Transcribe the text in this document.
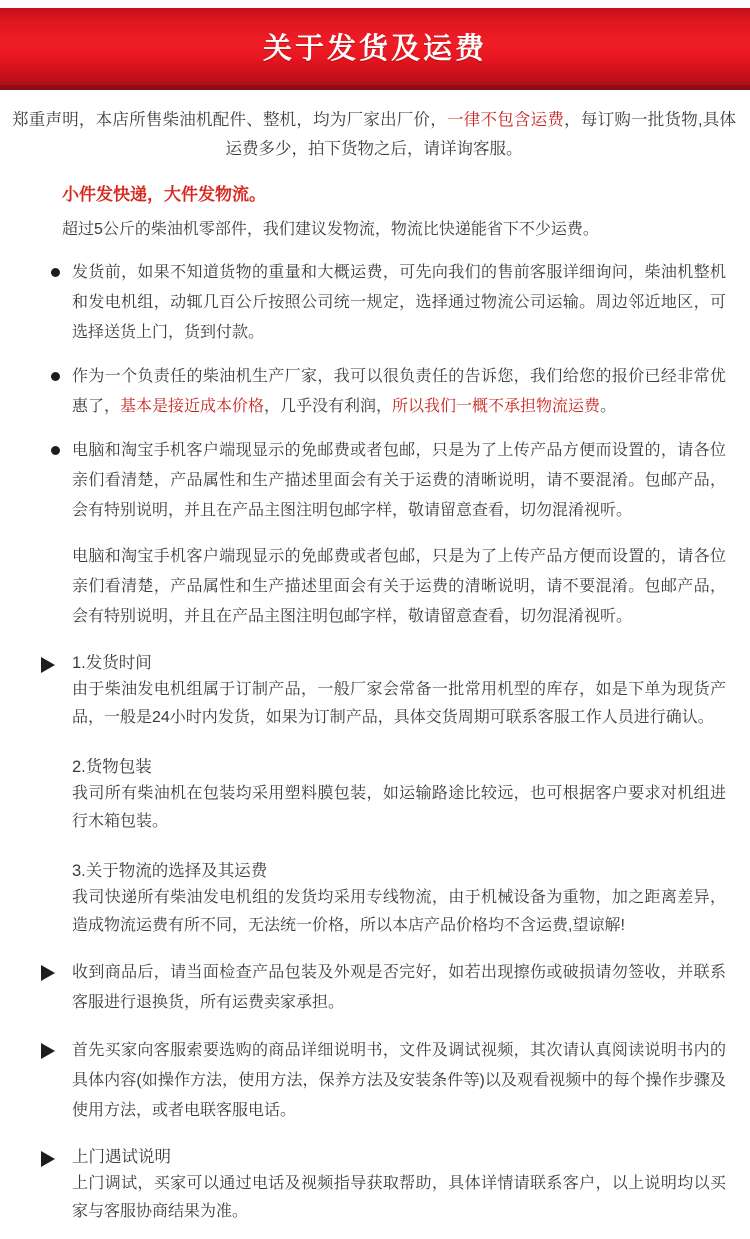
关于发货及运费

郑重声明，本店所售柴油机配件、整机，均为厂家出厂价，一律不包含运费，每订购一批货物,具体运费多少，拍下货物之后，请详询客服。

小件发快递，大件发物流。
超过5公斤的柴油机零部件，我们建议发物流，物流比快递能省下不少运费。
发货前，如果不知道货物的重量和大概运费，可先向我们的售前客服详细询问，柴油机整机和发电机组，动辄几百公斤按照公司统一规定，选择通过物流公司运输。周边邻近地区，可选择送货上门，货到付款。
作为一个负责任的柴油机生产厂家，我可以很负责任的告诉您，我们给您的报价已经非常优惠了，基本是接近成本价格，几乎没有利润，所以我们一概不承担物流运费。
电脑和淘宝手机客户端现显示的免邮费或者包邮，只是为了上传产品方便而设置的，请各位亲们看清楚，产品属性和生产描述里面会有关于运费的清晰说明，请不要混淆。包邮产品，会有特别说明，并且在产品主图注明包邮字样，敬请留意查看，切勿混淆视听。
电脑和淘宝手机客户端现显示的免邮费或者包邮，只是为了上传产品方便而设置的，请各位亲们看清楚，产品属性和生产描述里面会有关于运费的清晰说明，请不要混淆。包邮产品，会有特别说明，并且在产品主图注明包邮字样，敬请留意查看，切勿混淆视听。
1.发货时间
由于柴油发电机组属于订制产品，一般厂家会常备一批常用机型的库存，如是下单为现货产品，一般是24小时内发货，如果为订制产品，具体交货周期可联系客服工作人员进行确认。
2.货物包装
我司所有柴油机在包装均采用塑料膜包装，如运输路途比较远，也可根据客户要求对机组进 行木箱包装。
3.关于物流的选择及其运费
我司快递所有柴油发电机组的发货均采用专线物流，由于机械设备为重物，加之距离差异，造成物流运费有所不同，无法统一价格，所以本店产品价格均不含运费,望谅解!
收到商品后，请当面检查产品包装及外观是否完好，如若出现擦伤或破损请勿签收，并联系客服进行退换货，所有运费卖家承担。
首先买家向客服索要选购的商品详细说明书，文件及调试视频，其次请认真阅读说明书内的具体内容(如操作方法，使用方法，保养方法及安装条件等)以及观看视频中的每个操作步骤及使用方法，或者电联客服电话。
上门遇试说明
上门调试，买家可以通过电话及视频指导获取帮助，具体详情请联系客户，以上说明均以买家与客服协商结果为准。
